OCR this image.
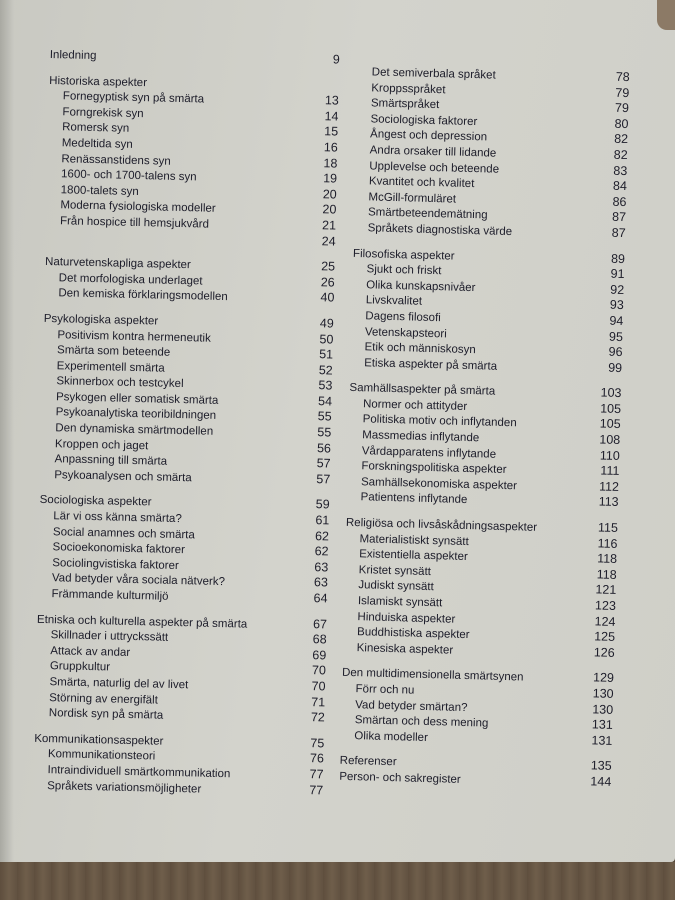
Inledning	9
Historiska aspekter
Fornegyptisk syn på smärta	13
Forngrekisk syn	14
Romersk syn	15
Medeltida syn	16
Renässanstidens syn	18
1600- och 1700-talens syn	19
1800-talets syn	20
Moderna fysiologiska modeller	20
Från hospice till hemsjukvård	21
24
Naturvetenskapliga aspekter	25
Det morfologiska underlaget	26
Den kemiska förklaringsmodellen	40
Psykologiska aspekter	49
Positivism kontra hermeneutik	50
Smärta som beteende	51
Experimentell smärta	52
Skinnerbox och testcykel	53
Psykogen eller somatisk smärta	54
Psykoanalytiska teoribildningen	55
Den dynamiska smärtmodellen	55
Kroppen och jaget	56
Anpassning till smärta	57
Psykoanalysen och smärta	57
Sociologiska aspekter	59
Lär vi oss känna smärta?	61
Social anamnes och smärta	62
Socioekonomiska faktorer	62
Sociolingvistiska faktorer	63
Vad betyder våra sociala nätverk?	63
Främmande kulturmiljö	64
Etniska och kulturella aspekter på smärta	67
Skillnader i uttryckssätt	68
Attack av andar	69
Gruppkultur	70
Smärta, naturlig del av livet	70
Störning av energifält	71
Nordisk syn på smärta	72
Kommunikationsaspekter	75
Kommunikationsteori	76
Intraindividuell smärtkommunikation	77
Språkets variationsmöjligheter	77
Det semiverbala språket	78
Kroppsspråket	79
Smärtspråket	79
Sociologiska faktorer	80
Ångest och depression	82
Andra orsaker till lidande	82
Upplevelse och beteende	83
Kvantitet och kvalitet	84
McGill-formuläret	86
Smärtbeteendemätning	87
Språkets diagnostiska värde	87
Filosofiska aspekter	89
Sjukt och friskt	91
Olika kunskapsnivåer	92
Livskvalitet	93
Dagens filosofi	94
Vetenskapsteori	95
Etik och människosyn	96
Etiska aspekter på smärta	99
Samhällsaspekter på smärta	103
Normer och attityder	105
Politiska motiv och inflytanden	105
Massmedias inflytande	108
Vårdapparatens inflytande	110
Forskningspolitiska aspekter	111
Samhällsekonomiska aspekter	112
Patientens inflytande	113
Religiösa och livsåskådningsaspekter	115
Materialistiskt synsätt	116
Existentiella aspekter	118
Kristet synsätt	118
Judiskt synsätt	121
Islamiskt synsätt	123
Hinduiska aspekter	124
Buddhistiska aspekter	125
Kinesiska aspekter	126
Den multidimensionella smärtsynen	129
Förr och nu	130
Vad betyder smärtan?	130
Smärtan och dess mening	131
Olika modeller	131
Referenser	135
Person- och sakregister	144
